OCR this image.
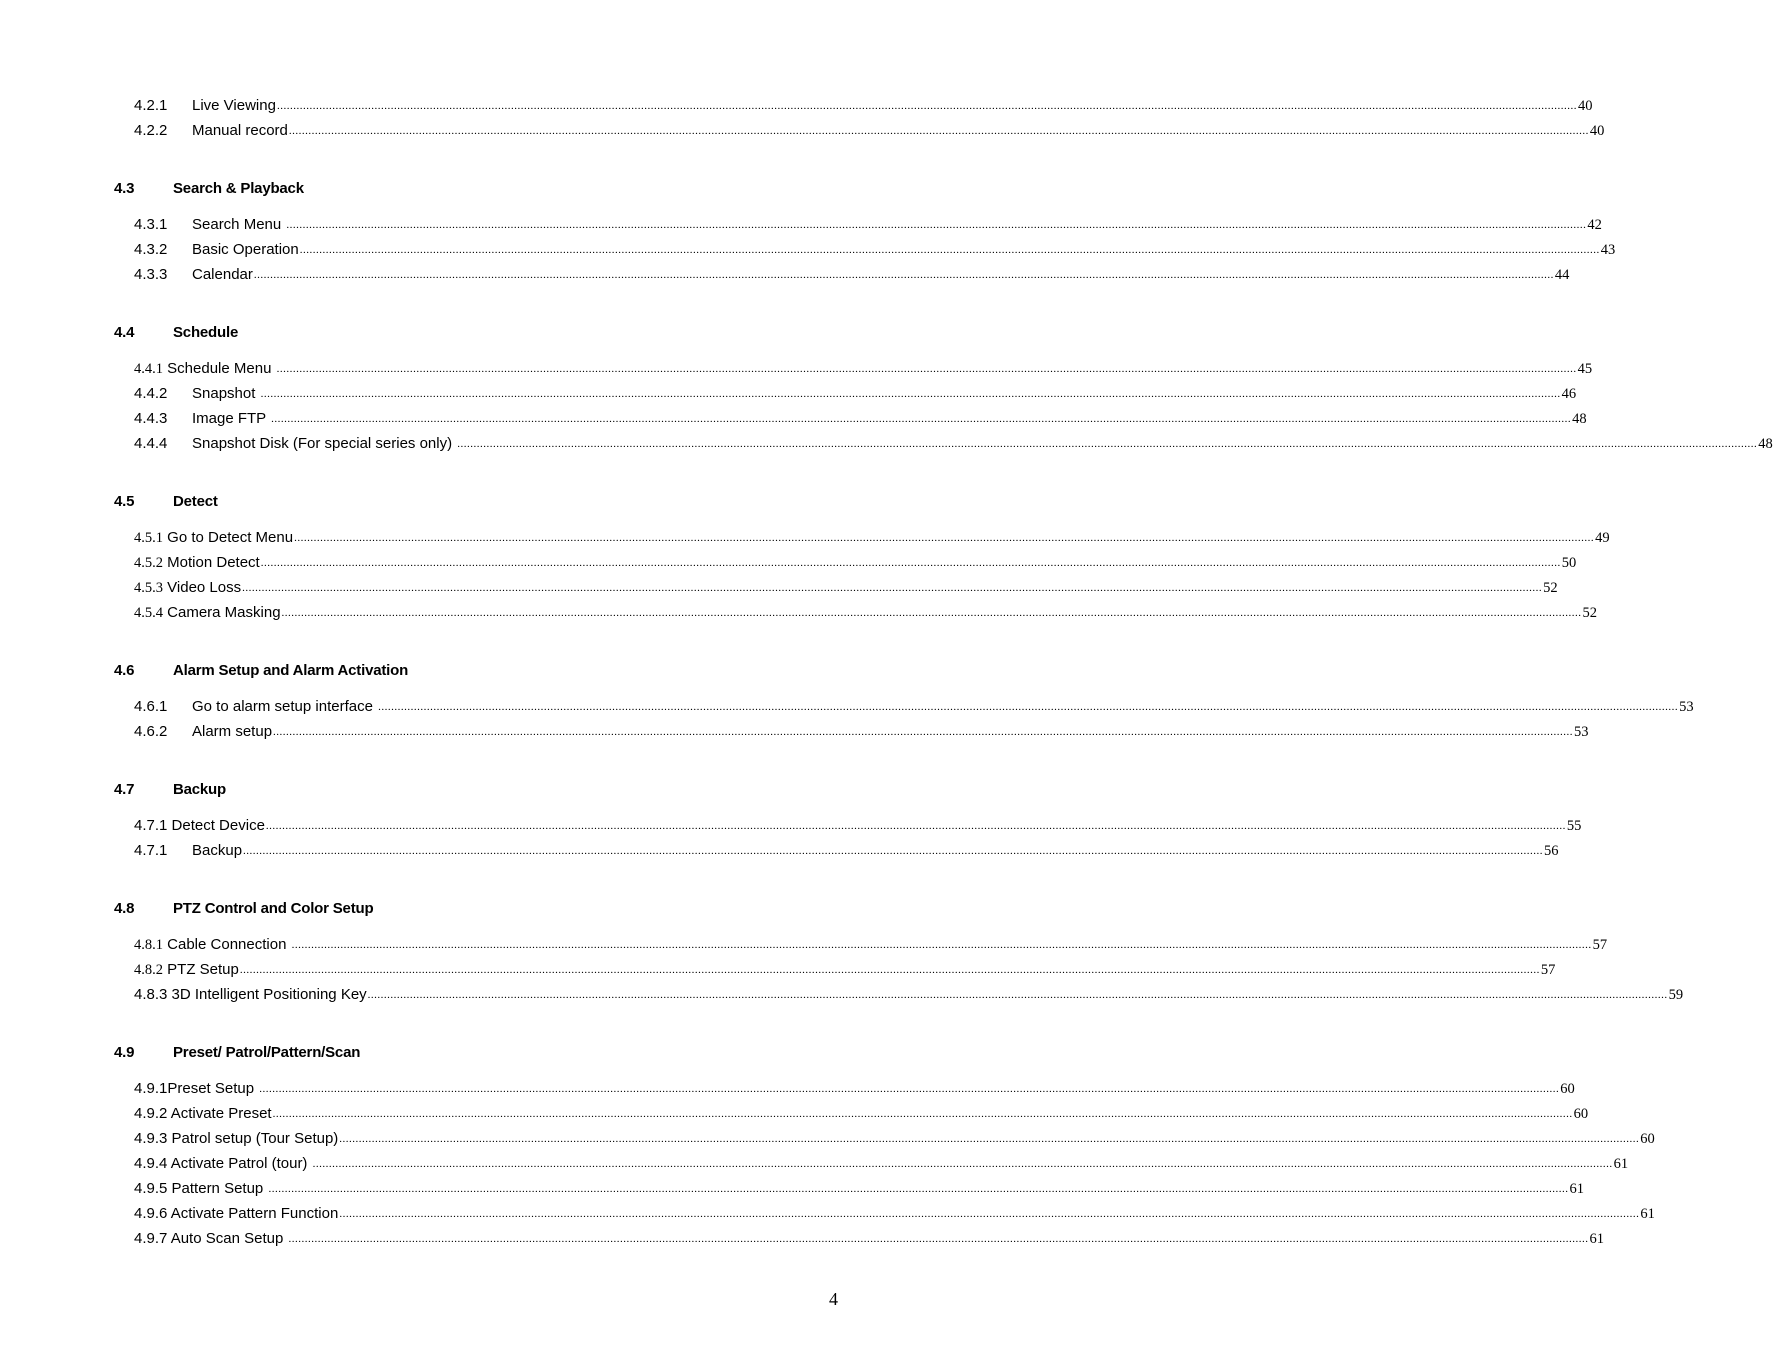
4.2.1	Live Viewing ................................................................................................................................................................................................................................................................................................................................................................................................................ 40
4.2.2	Manual record ................................................................................................................................................................................................................................................................................................................................................................................................................ 40
4.3	Search & Playback
4.3.1	Search Menu ................................................................................................................................................................................................................................................................................................................................................................................................................ 42
4.3.2	Basic Operation ................................................................................................................................................................................................................................................................................................................................................................................................................ 43
4.3.3	Calendar ................................................................................................................................................................................................................................................................................................................................................................................................................ 44
4.4	Schedule
4.4.1 Schedule Menu ................................................................................................................................................................................................................................................................................................................................................................................................................ 45
4.4.2	Snapshot ................................................................................................................................................................................................................................................................................................................................................................................................................ 46
4.4.3	Image FTP ................................................................................................................................................................................................................................................................................................................................................................................................................ 48
4.4.4	Snapshot Disk (For special series only) ................................................................................................................................................................................................................................................................................................................................................................................................................ 48
4.5	Detect
4.5.1 Go to Detect Menu ................................................................................................................................................................................................................................................................................................................................................................................................................ 49
4.5.2 Motion Detect ................................................................................................................................................................................................................................................................................................................................................................................................................ 50
4.5.3 Video Loss ................................................................................................................................................................................................................................................................................................................................................................................................................ 52
4.5.4 Camera Masking ................................................................................................................................................................................................................................................................................................................................................................................................................ 52
4.6	Alarm Setup and Alarm Activation
4.6.1	Go to alarm setup interface ................................................................................................................................................................................................................................................................................................................................................................................................................ 53
4.6.2	Alarm setup ................................................................................................................................................................................................................................................................................................................................................................................................................ 53
4.7	Backup
4.7.1 Detect Device ................................................................................................................................................................................................................................................................................................................................................................................................................ 55
4.7.1	Backup ................................................................................................................................................................................................................................................................................................................................................................................................................ 56
4.8	PTZ Control and Color Setup
4.8.1 Cable Connection ................................................................................................................................................................................................................................................................................................................................................................................................................ 57
4.8.2 PTZ Setup ................................................................................................................................................................................................................................................................................................................................................................................................................ 57
4.8.3 3D Intelligent Positioning Key ................................................................................................................................................................................................................................................................................................................................................................................................................ 59
4.9	Preset/ Patrol/Pattern/Scan
4.9.1 Preset Setup ................................................................................................................................................................................................................................................................................................................................................................................................................ 60
4.9.2 Activate Preset ................................................................................................................................................................................................................................................................................................................................................................................................................ 60
4.9.3 Patrol setup (Tour Setup) ................................................................................................................................................................................................................................................................................................................................................................................................................ 60
4.9.4 Activate Patrol (tour) ................................................................................................................................................................................................................................................................................................................................................................................................................ 61
4.9.5 Pattern Setup ................................................................................................................................................................................................................................................................................................................................................................................................................ 61
4.9.6 Activate Pattern Function ................................................................................................................................................................................................................................................................................................................................................................................................................ 61
4.9.7 Auto Scan Setup ................................................................................................................................................................................................................................................................................................................................................................................................................ 61
4
